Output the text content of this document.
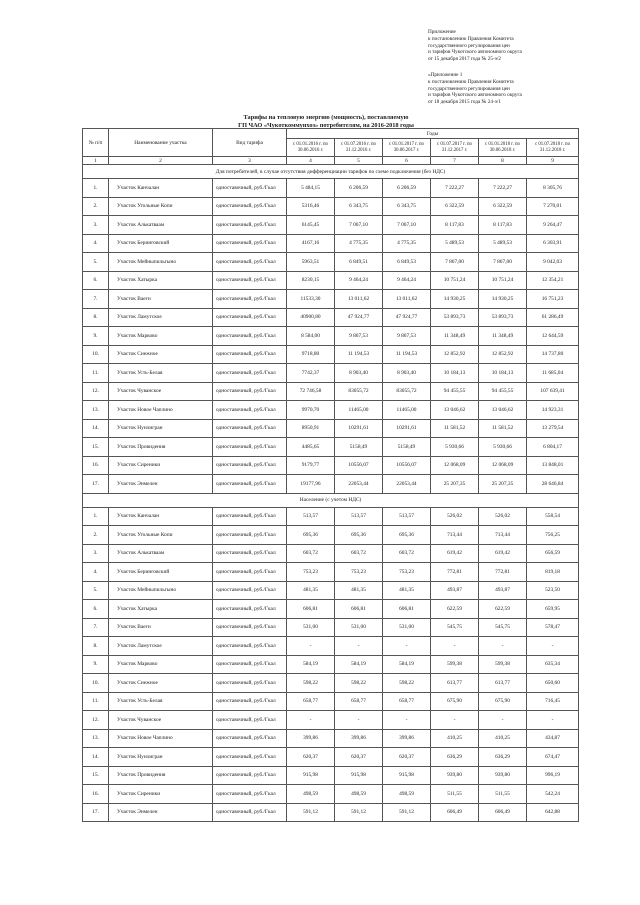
Приложение
к постановлению Правления Комитета
государственного регулирования цен
и тарифов Чукотского автономного округа
от 15 декабря 2017 года № 25-э/2
«Приложение 1
к постановлению Правления Комитета
государственного регулирования цен
и тарифов Чукотского автономного округа
от 18 декабря 2015 года № 24-э/1
Тарифы на тепловую энергию (мощность), поставляемую
ГП ЧАО «Чукоткоммунхоз» потребителям, на 2016-2018 годы
№ п/п	Наименование участка	Вид тарифа	Годы					
			с 01.01.2016 г. по 30.06.2016 г.	с 01.07.2016 г. по 31.12.2016 г.	с 01.01.2017 г. по 30.06.2017 г.	с 01.07.2017 г. по 31.12.2017 г.	с 01.01.2018 г. по 30.06.2018 г.	с 01.07.2018 г. по 31.12.2018 г.
1	2	3	4	5	6	7	8	9
Для потребителей, в случае отсутствия дифференциации тарифов по схеме подключения (без НДС)								
1.	Участок Канчалан	одноставочный, руб./Гкал	5 484,15	6 206,59	6 206,59	7 222,27	7 222,27	8 305,76
2.	Участок Угольные Копи	одноставочный, руб./Гкал	5316,46	6 343,75	6 343,75	6 322,59	6 322,59	7 270,01
3.	Участок Алькатваам	одноставочный, руб./Гкал	6145,45	7 067,10	7 067,10	8 117,83	8 117,83	9 264,47
4.	Участок Беринговский	одноставочный, руб./Гкал	4167,16	4 775,35	4 775,35	5 489,53	5 489,53	6 303,91
5.	Участок Мейныпильгыно	одноставочный, руб./Гкал	5963,51	6 849,51	6 849,53	7 867,00	7 867,00	9 042,03
6.	Участок Хатырка	одноставочный, руб./Гкал	8230,15	9 464,24	9 464,24	10 751,24	10 751,24	12 354,21
7.	Участок Ваеги	одноставочный, руб./Гкал	11533,30	13 011,62	13 011,62	14 930,25	14 930,25	16 751,23
8.	Участок Ламутское	одноставочный, руб./Гкал	40900,80	47 924,77	47 924,77	53 893,73	53 893,73	61 286,49
9.	Участок Марково	одноставочный, руб./Гкал	8 584,00	9 867,53	9 867,53	11 348,49	11 348,49	12 644,59
10.	Участок Снежное	одноставочный, руб./Гкал	9718,80	11 194,53	11 194,53	12 852,92	12 852,92	14 737,80
11.	Участок Усть-Белая	одноставочный, руб./Гкал	7742,37	8 903,40	8 903,40	10 184,13	10 184,13	11 685,04
12.	Участок Чуванское	одноставочный, руб./Гкал	72 746,58	83055,72	83055,72	94 455,55	94 455,55	107 639,41
13.	Участок Новое Чаплино	одноставочный, руб./Гкал	9970,70	11465,00	11465,00	13 046,62	13 046,62	14 923,31
14.	Участок Нунлигран	одноставочный, руб./Гкал	8950,91	10291,61	10291,61	11 581,52	11 581,52	13 279,54
15.	Участок Провидения	одноставочный, руб./Гкал	4485,65	5158,49	5158,49	5 930,66	5 930,66	6 804,17
16.	Участок Сиреники	одноставочный, руб./Гкал	9179,77	10556,07	10556,07	12 068,09	12 068,09	13 848,01
17.	Участок Энмелен	одноставочный, руб./Гкал	19177,96	22053,44	22053,44	25 207,35	25 207,35	28 646,84
Население (с учетом НДС)								
1.	Участок Канчалан	одноставочный, руб./Гкал	513,57	513,57	513,57	526,02	526,02	558,54
2.	Участок Угольные Копи	одноставочный, руб./Гкал	695,36	695,36	695,36	713,44	713,44	756,25
3.	Участок Алькатваам	одноставочный, руб./Гкал	603,72	603,72	603,72	619,42	619,42	656,59
4.	Участок Беринговский	одноставочный, руб./Гкал	753,23	753,23	753,23	772,81	772,81	819,18
5.	Участок Мейныпильгыно	одноставочный, руб./Гкал	481,35	481,35	481,35	493,87	493,87	523,50
6.	Участок Хатырка	одноставочный, руб./Гкал	606,81	606,81	606,81	622,59	622,59	659,95
7.	Участок Ваеги	одноставочный, руб./Гкал	531,00	531,00	531,00	545,75	545,75	578,47
8.	Участок Ламутское	одноставочный, руб./Гкал	-	-	-	-	-	-
9.	Участок Марково	одноставочный, руб./Гкал	584,19	584,19	584,19	599,38	599,38	635,34
10.	Участок Снежное	одноставочный, руб./Гкал	598,22	598,22	598,22	613,77	613,77	650,60
11.	Участок Усть-Белая	одноставочный, руб./Гкал	658,77	658,77	658,77	675,90	675,90	716,45
12.	Участок Чуванское	одноставочный, руб./Гкал	-	-	-	-	-	-
13.	Участок Новое Чаплино	одноставочный, руб./Гкал	399,86	399,86	399,86	410,25	410,25	434,87
14.	Участок Нунлигран	одноставочный, руб./Гкал	620,37	620,37	620,37	636,29	636,29	674,47
15.	Участок Провидения	одноставочный, руб./Гкал	915,98	915,98	915,98	939,80	939,80	996,19
16.	Участок Сиреники	одноставочный, руб./Гкал	498,59	498,59	498,59	511,55	511,55	542,24
17.	Участок Энмелен	одноставочный, руб./Гкал	591,12	591,12	591,12	606,49	606,49	642,88
